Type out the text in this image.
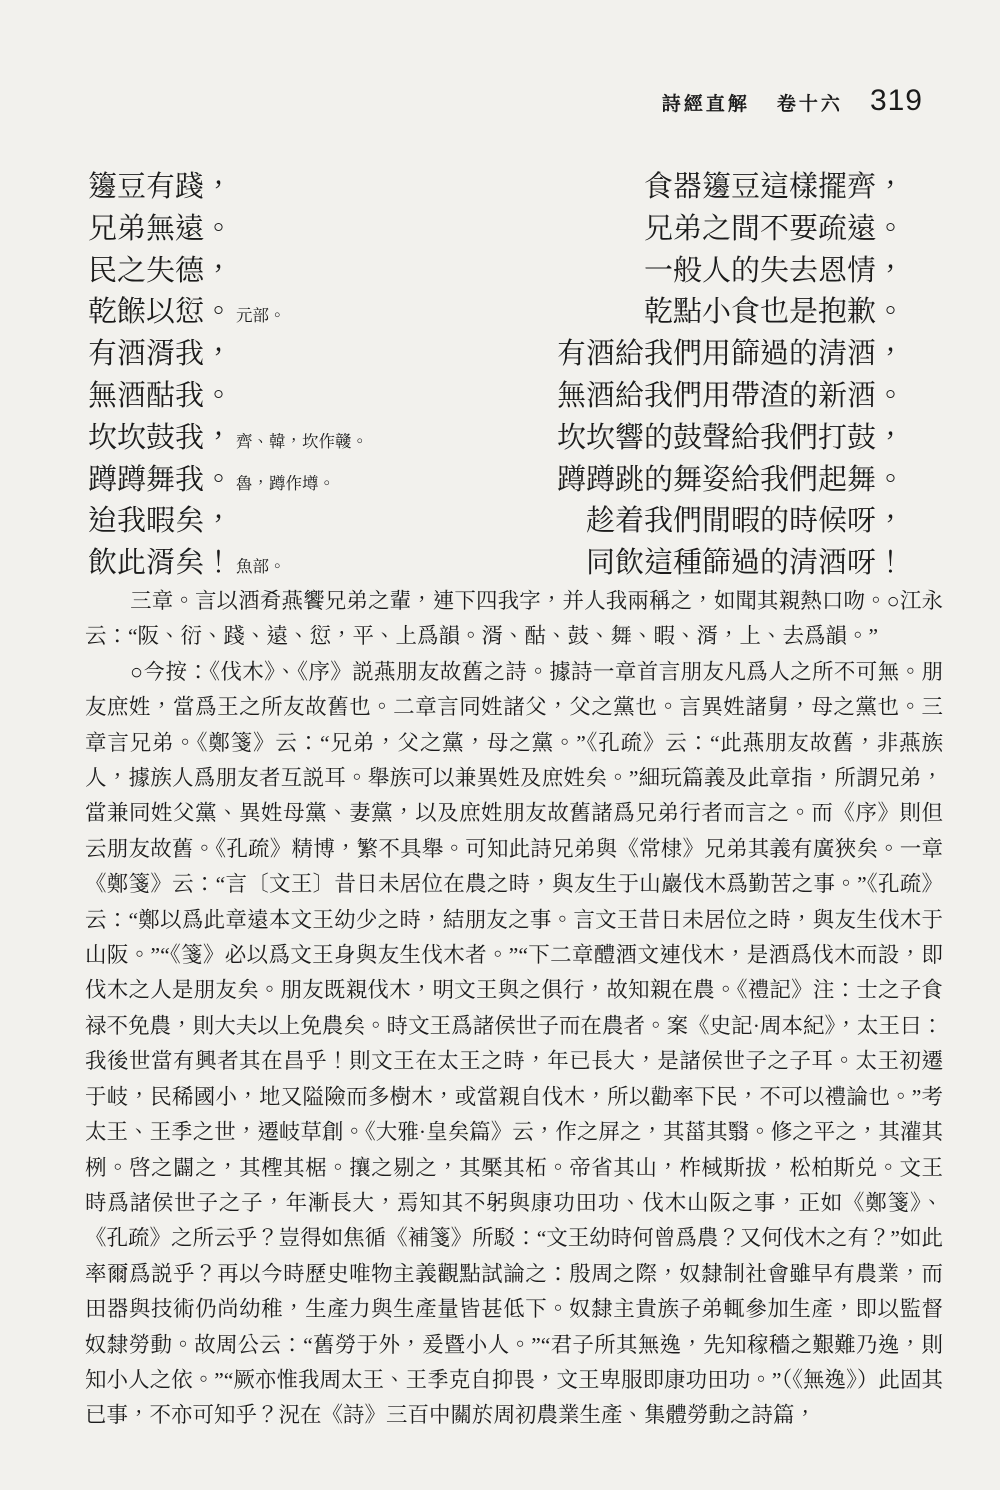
詩經直解 卷十六 319
籩豆有踐，	食器籩豆這樣擺齊，
兄弟無遠。	兄弟之間不要疏遠。
民之失德，	一般人的失去恩情，
乾餱以愆。 元部。	乾點小食也是抱歉。
有酒湑我，	有酒給我們用篩過的清酒，
無酒酤我。	無酒給我們用帶渣的新酒。
坎坎鼓我， 齊、韓，坎作竷。	坎坎響的鼓聲給我們打鼓，
蹲蹲舞我。 魯，蹲作墫。	蹲蹲跳的舞姿給我們起舞。
迨我暇矣，	趁着我們閒暇的時候呀，
飲此湑矣！ 魚部。	同飲這種篩過的清酒呀！

三章。言以酒肴燕饗兄弟之輩，連下四我字，并人我兩稱之，如聞其親熱口吻。○江永云：“阪、衍、踐、遠、愆，平、上爲韻。湑、酤、鼓、舞、暇、湑，上、去爲韻。”

○今按：《伐木》、《序》説燕朋友故舊之詩。據詩一章首言朋友凡爲人之所不可無。朋友庶姓，當爲王之所友故舊也。二章言同姓諸父，父之黨也。言異姓諸舅，母之黨也。三章言兄弟。《鄭箋》云：“兄弟，父之黨，母之黨。”《孔疏》云：“此燕朋友故舊，非燕族人，據族人爲朋友者互説耳。舉族可以兼異姓及庶姓矣。”細玩篇義及此章指，所謂兄弟，當兼同姓父黨、異姓母黨、妻黨，以及庶姓朋友故舊諸爲兄弟行者而言之。而《序》則但云朋友故舊。《孔疏》精博，繁不具舉。可知此詩兄弟與《常棣》兄弟其義有廣狹矣。一章《鄭箋》云：“言〔文王〕昔日未居位在農之時，與友生于山巖伐木爲勤苦之事。”《孔疏》云：“鄭以爲此章遠本文王幼少之時，結朋友之事。言文王昔日未居位之時，與友生伐木于山阪。”“《箋》必以爲文王身與友生伐木者。”“下二章醴酒文連伐木，是酒爲伐木而設，即伐木之人是朋友矣。朋友既親伐木，明文王與之俱行，故知親在農。《禮記》注：士之子食禄不免農，則大夫以上免農矣。時文王爲諸侯世子而在農者。案《史記·周本紀》，太王曰：我後世當有興者其在昌乎！則文王在太王之時，年已長大，是諸侯世子之子耳。太王初遷于岐，民稀國小，地又隘險而多樹木，或當親自伐木，所以勸率下民，不可以禮論也。”考太王、王季之世，遷岐草創。《大雅·皇矣篇》云，作之屏之，其菑其翳。修之平之，其灌其栵。啓之闢之，其檉其椐。攘之剔之，其檿其柘。帝省其山，柞棫斯拔，松柏斯兑。文王時爲諸侯世子之子，年漸長大，焉知其不躬與康功田功、伐木山阪之事，正如《鄭箋》、《孔疏》之所云乎？豈得如焦循《補箋》所駁：“文王幼時何曾爲農？又何伐木之有？”如此率爾爲説乎？再以今時歷史唯物主義觀點試論之：殷周之際，奴隸制社會雖早有農業，而田器與技術仍尚幼稚，生產力與生產量皆甚低下。奴隸主貴族子弟輒參加生產，即以監督奴隸勞動。故周公云：“舊勞于外，爰暨小人。”“君子所其無逸，先知稼穡之艱難乃逸，則知小人之依。”“厥亦惟我周太王、王季克自抑畏，文王卑服即康功田功。”（《無逸》）此固其已事，不亦可知乎？況在《詩》三百中關於周初農業生產、集體勞動之詩篇，
